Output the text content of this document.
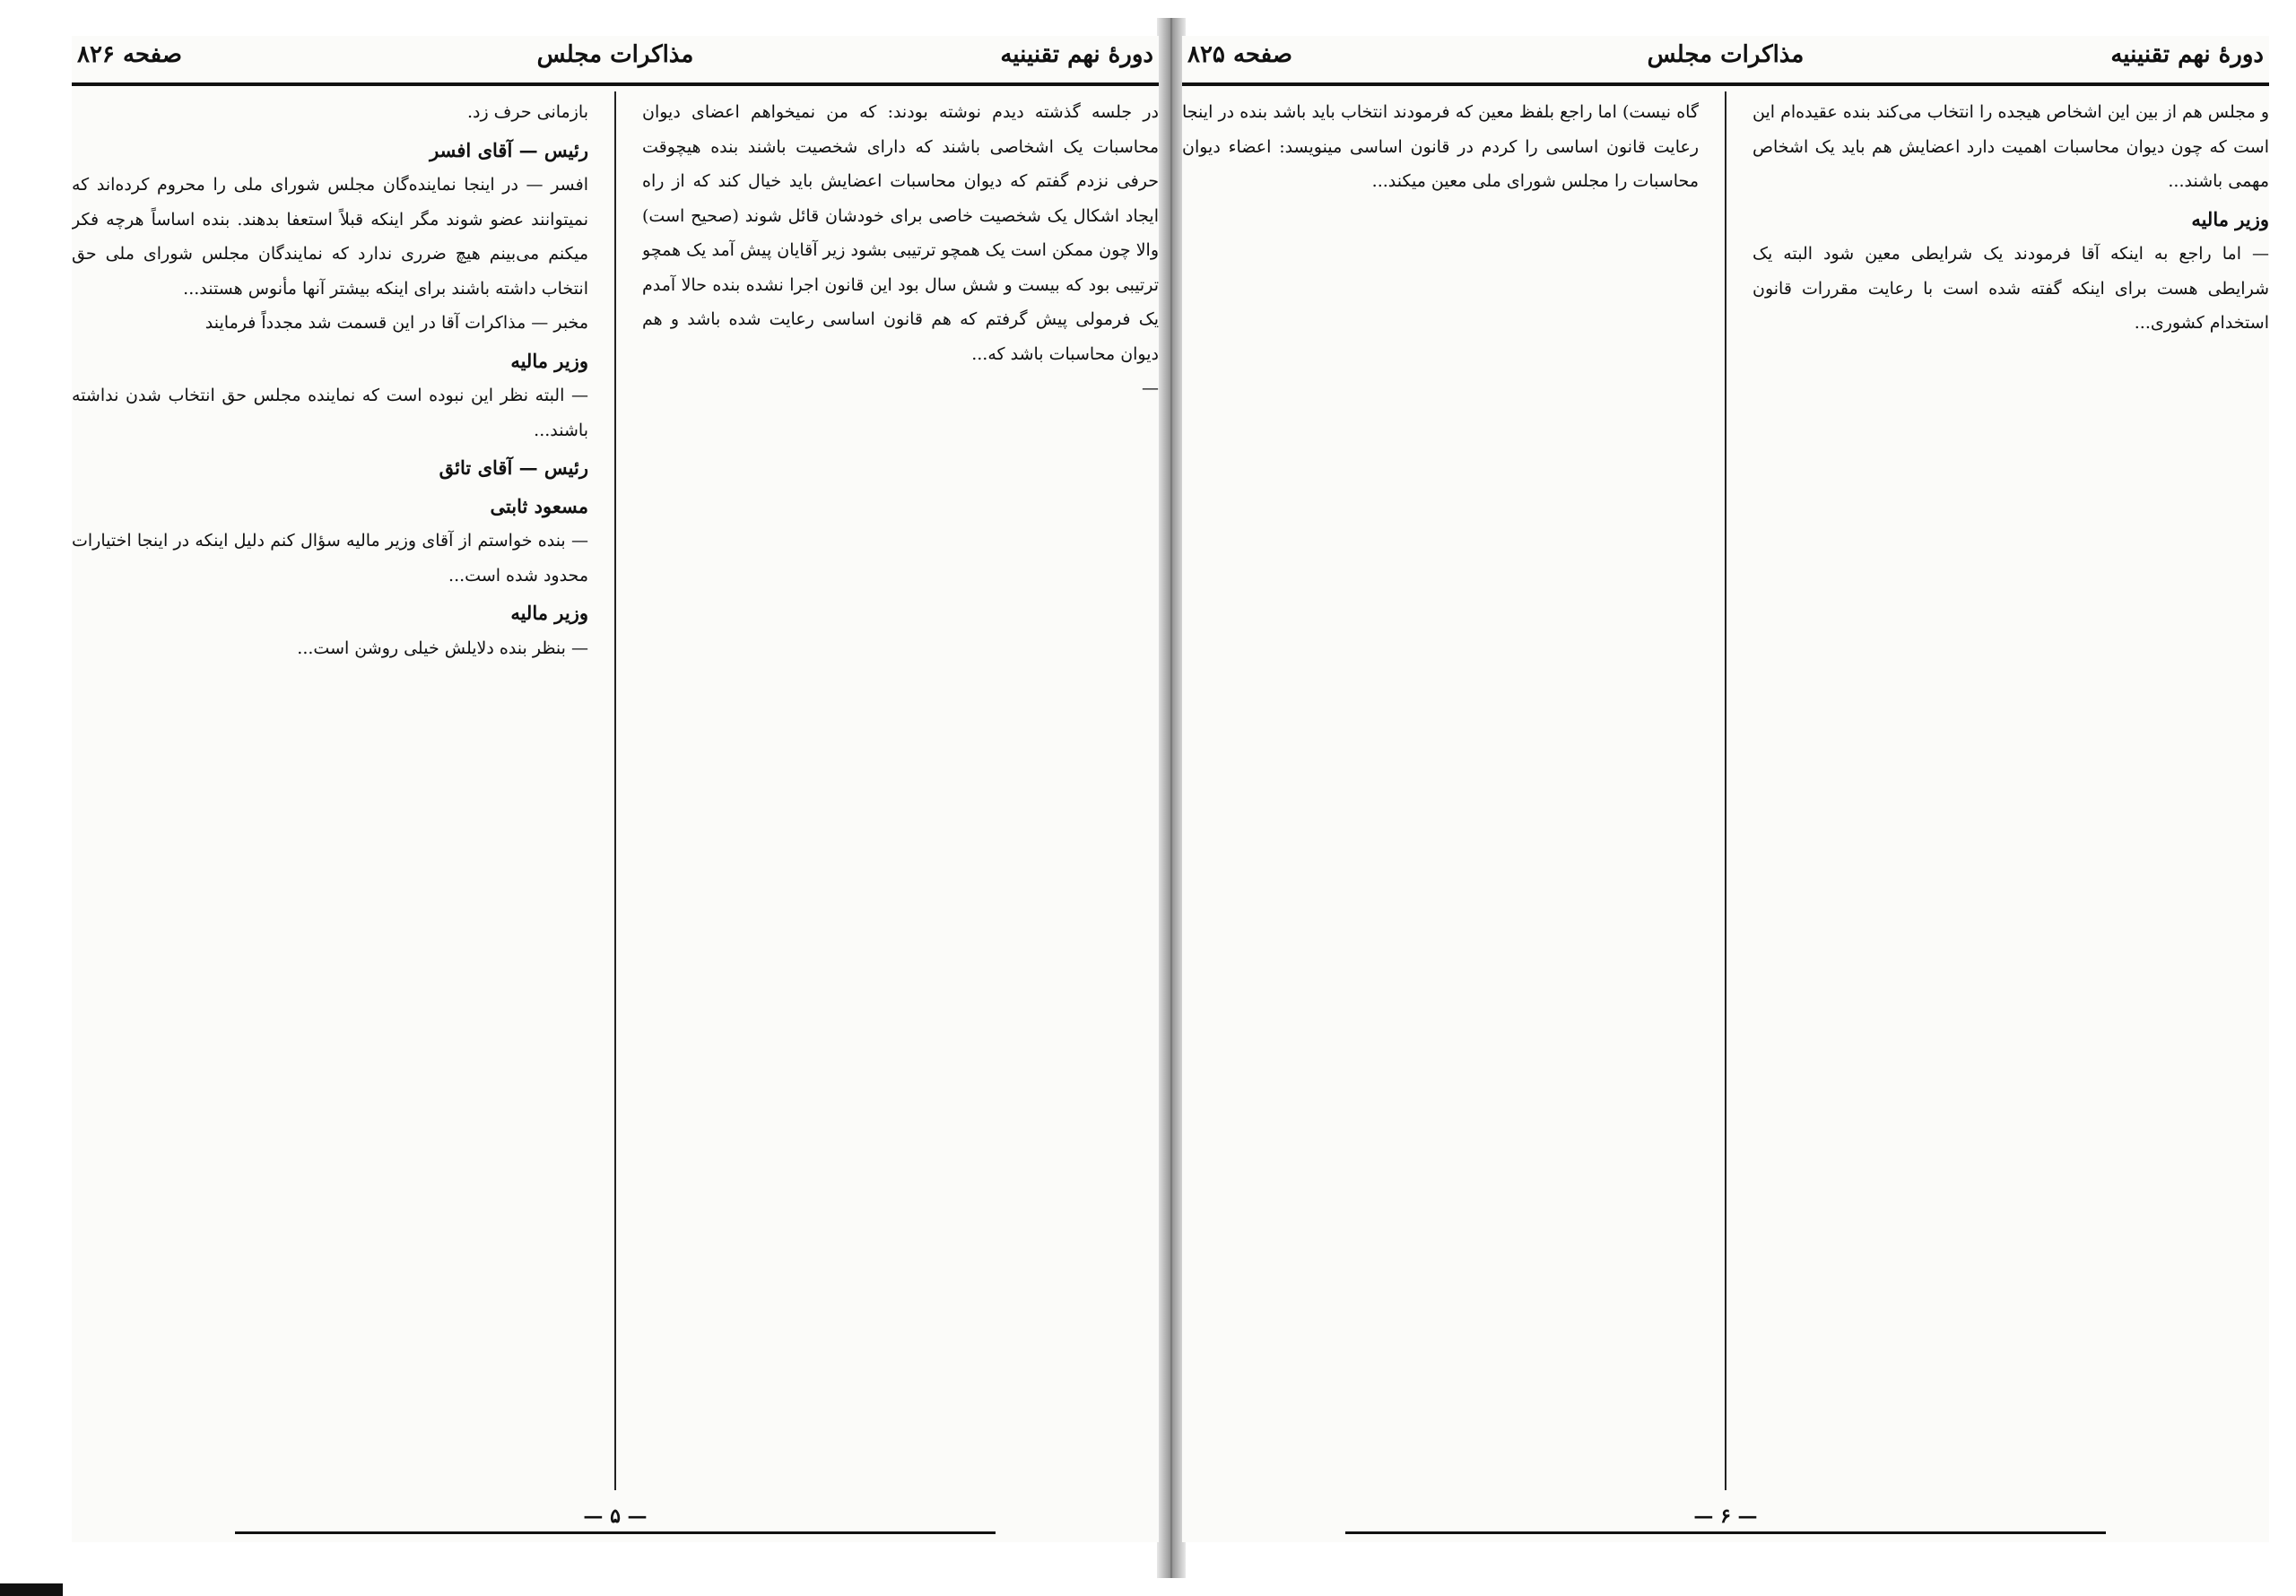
دورهٔ نهم تقنینیه
مذاکرات مجلس
صفحه ۸۲۶
در جلسه گذشته دیدم نوشته بودند: که من نمیخواهم اعضای دیوان محاسبات یک اشخاصی باشند که دارای شخصیت باشند بنده هیچوقت حرفی نزدم گفتم که دیوان محاسبات اعضایش باید خیال کند که از راه ایجاد اشکال یک شخصیت خاصی برای خودشان قائل شوند (صحیح است) والا چون ممکن است یک همچو ترتیبی بشود زیر آقایان پیش آمد یک همچو ترتیبی بود که بیست و شش سال بود این قانون اجرا نشده بنده حالا آمدم یک فرمولی پیش گرفتم که هم قانون اساسی رعایت شده باشد و هم دیوان محاسبات باشد که...
—
بازمانی حرف زد.
رئیس — آقای افسر
افسر — در اینجا نماینده‌گان مجلس شورای ملی را محروم کرده‌اند که نمیتوانند عضو شوند مگر اینکه قبلاً استعفا بدهند. بنده اساساً هرچه فکر میکنم می‌بینم هیچ ضرری ندارد که نمایندگان مجلس شورای ملی حق انتخاب داشته باشند برای اینکه بیشتر آنها مأنوس هستند...
مخبر — مذاکرات آقا در این قسمت شد مجدداً فرمایند
وزیر مالیه
— البته نظر این نبوده است که نماینده مجلس حق انتخاب شدن نداشته باشند...
رئیس — آقای تائق
مسعود ثابتی
— بنده خواستم از آقای وزیر مالیه سؤال کنم دلیل اینکه در اینجا اختیارات محدود شده است...
وزیر مالیه
— بنظر بنده دلایلش خیلی روشن است...
— ۵ —
دورهٔ نهم تقنینیه
مذاکرات مجلس
صفحه ۸۲۵
و مجلس هم از بین این اشخاص هیجده را انتخاب می‌کند بنده عقیده‌ام این است که چون دیوان محاسبات اهمیت دارد اعضایش هم باید یک اشخاص مهمی باشند...
وزیر مالیه
— اما راجع به اینکه آقا فرمودند یک شرایطی معین شود البته یک شرایطی هست برای اینکه گفته شده است با رعایت مقررات قانون استخدام کشوری...
گاه نیست) اما راجع بلفظ معین که فرمودند انتخاب باید باشد بنده در اینجا رعایت قانون اساسی را کردم در قانون اساسی مینویسد: اعضاء دیوان محاسبات را مجلس شورای ملی معین میکند...
— ۶ —
